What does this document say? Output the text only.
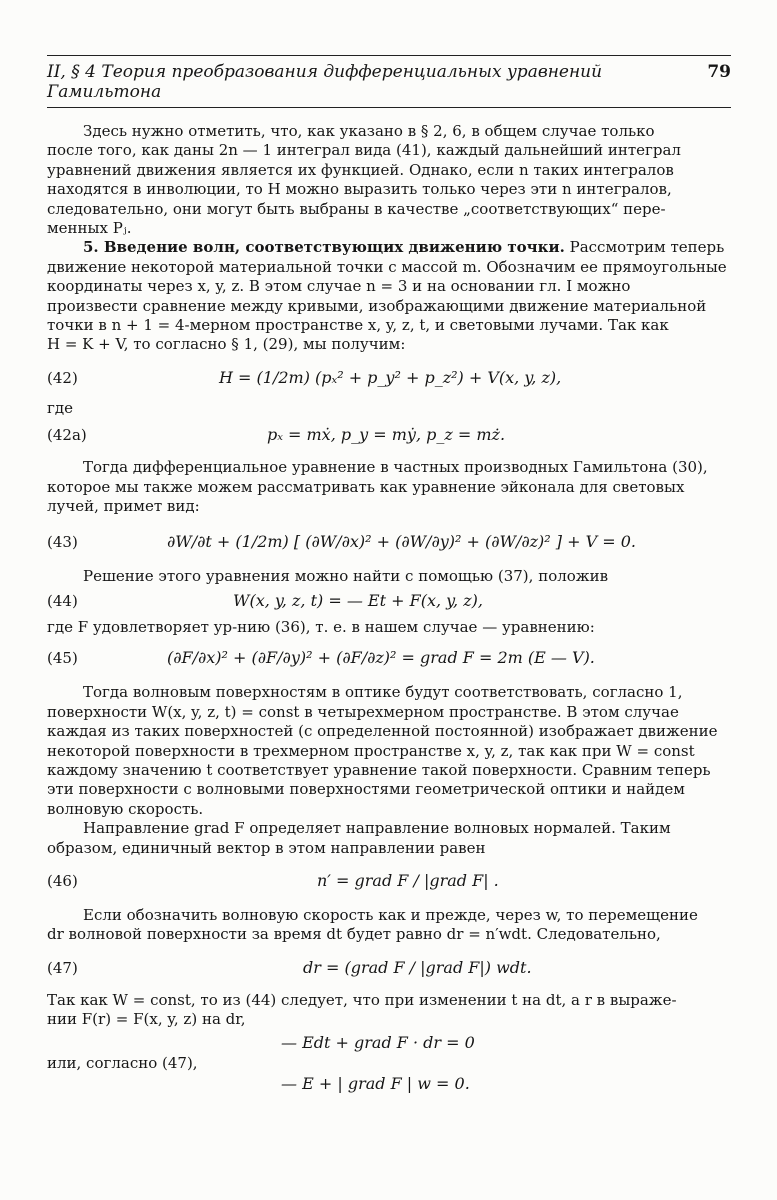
II, § 4 Теория преобразования дифференциальных уравнений Гамильтона
79

Здесь нужно отметить, что, как указано в § 2, 6, в общем случае только

после того, как даны 2n — 1 интеграл вида (41), каждый дальнейший интеграл

уравнений движения является их функцией. Однако, если n таких интегралов

находятся в инволюции, то H можно выразить только через эти n интегралов,

следовательно, они могут быть выбраны в качестве „соответствующих“ пере-

менных Pⱼ.

5. Введение волн, соответствующих движению точки. Рассмотрим теперь

движение некоторой материальной точки с массой m. Обозначим ее прямоугольные

координаты через x, y, z. В этом случае n = 3 и на основании гл. I можно

произвести сравнение между кривыми, изображающими движение материальной

точки в n + 1 = 4-мерном пространстве x, y, z, t, и световыми лучами. Так как

H = K + V, то согласно § 1, (29), мы получим:

(42)	H = (1/2m) (pₓ² + p_y² + p_z²) + V(x, y, z),

где

(42a)	pₓ = mẋ, p_y = mẏ, p_z = mż.

Тогда дифференциальное уравнение в частных производных Гамильтона (30),

которое мы также можем рассматривать как уравнение эйконала для световых

лучей, примет вид:

(43)	∂W/∂t + (1/2m) [ (∂W/∂x)² + (∂W/∂y)² + (∂W/∂z)² ] + V = 0.

Решение этого уравнения можно найти с помощью (37), положив

(44)	W(x, y, z, t) = — Et + F(x, y, z),

где F удовлетворяет ур-нию (36), т. е. в нашем случае — уравнению:

(45)	(∂F/∂x)² + (∂F/∂y)² + (∂F/∂z)² = grad F = 2m (E — V).

Тогда волновым поверхностям в оптике будут соответствовать, согласно 1,

поверхности W(x, y, z, t) = const в четырехмерном пространстве. В этом случае

каждая из таких поверхностей (с определенной постоянной) изображает движение

некоторой поверхности в трехмерном пространстве x, y, z, так как при W = const

каждому значению t соответствует уравнение такой поверхности. Сравним теперь

эти поверхности с волновыми поверхностями геометрической оптики и найдем

волновую скорость.

Направление grad F определяет направление волновых нормалей. Таким

образом, единичный вектор в этом направлении равен

(46)	n′ = grad F / |grad F| .

Если обозначить волновую скорость как и прежде, через w, то перемещение

dr волновой поверхности за время dt будет равно dr = n′wdt. Следовательно,

(47)	dr = (grad F / |grad F|) wdt.

Так как W = const, то из (44) следует, что при изменении t на dt, а r в выраже-

нии F(r) = F(x, y, z) на dr,

— Edt + grad F · dr = 0

или, согласно (47),

— E + | grad F | w = 0.
